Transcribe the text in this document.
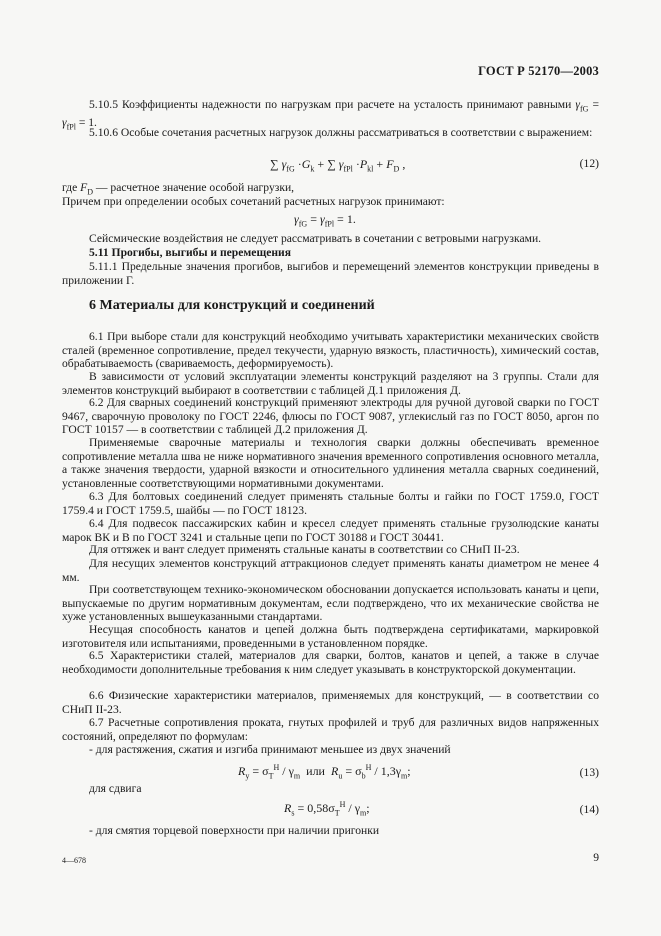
ГОСТ Р 52170—2003
5.10.5 Коэффициенты надежности по нагрузкам при расчете на усталость принимают равными $\gamma_{fG} = \gamma_{fPl} = 1$.
5.10.6 Особые сочетания расчетных нагрузок должны рассматриваться в соответствии с выражением:
∑ $\gamma_{fG} \cdot G_k$ + ∑ $\gamma_{fPl} \cdot P_{kl} + F_D$ ,	(12)
где $F_D$ — расчетное значение особой нагрузки,
Причем при определении особых сочетаний расчетных нагрузок принимают:
$\gamma_{fG} = \gamma_{fPl} = 1$.
Сейсмические воздействия не следует рассматривать в сочетании с ветровыми нагрузками.
5.11 Прогибы, выгибы и перемещения
5.11.1 Предельные значения прогибов, выгибов и перемещений элементов конструкции приведены в приложении Г.
6 Материалы для конструкций и соединений
6.1 При выборе стали для конструкций необходимо учитывать характеристики механических свойств сталей (временное сопротивление, предел текучести, ударную вязкость, пластичность), химический состав, обрабатываемость (свариваемость, деформируемость).
В зависимости от условий эксплуатации элементы конструкций разделяют на 3 группы. Стали для элементов конструкций выбирают в соответствии с таблицей Д.1 приложения Д.
6.2 Для сварных соединений конструкций применяют электроды для ручной дуговой сварки по ГОСТ 9467, сварочную проволоку по ГОСТ 2246, флюсы по ГОСТ 9087, углекислый газ по ГОСТ 8050, аргон по ГОСТ 10157 — в соответствии с таблицей Д.2 приложения Д.
Применяемые сварочные материалы и технология сварки должны обеспечивать временное сопротивление металла шва не ниже нормативного значения временного сопротивления основного металла, а также значения твердости, ударной вязкости и относительного удлинения металла сварных соединений, установленные соответствующими нормативными документами.
6.3 Для болтовых соединений следует применять стальные болты и гайки по ГОСТ 1759.0, ГОСТ 1759.4 и ГОСТ 1759.5, шайбы — по ГОСТ 18123.
6.4 Для подвесок пассажирских кабин и кресел следует применять стальные грузолюдские канаты марок ВК и В по ГОСТ 3241 и стальные цепи по ГОСТ 30188 и ГОСТ 30441.
Для оттяжек и вант следует применять стальные канаты в соответствии со СНиП II-23.
Для несущих элементов конструкций аттракционов следует применять канаты диаметром не менее 4 мм.
При соответствующем технико-экономическом обосновании допускается использовать канаты и цепи, выпускаемые по другим нормативным документам, если подтверждено, что их механические свойства не хуже установленных вышеуказанными стандартами.
Несущая способность канатов и цепей должна быть подтверждена сертификатами, маркировкой изготовителя или испытаниями, проведенными в установленном порядке.
6.5 Характеристики сталей, материалов для сварки, болтов, канатов и цепей, а также в случае необходимости дополнительные требования к ним следует указывать в конструкторской документации.
6.6 Физические характеристики материалов, применяемых для конструкций, — в соответствии со СНиП II-23.
6.7 Расчетные сопротивления проката, гнутых профилей и труб для различных видов напряженных состояний, определяют по формулам:
- для растяжения, сжатия и изгиба принимают меньшее из двух значений
$R_y = \sigma_Т^Н / \gamma_m$  или  $R_u = \sigma_b^Н / 1,3\gamma_m$;	(13)
для сдвига
$R_s = 0,58\sigma_Т^Н / \gamma_m$;	(14)
- для смятия торцевой поверхности при наличии пригонки
4—678	9
